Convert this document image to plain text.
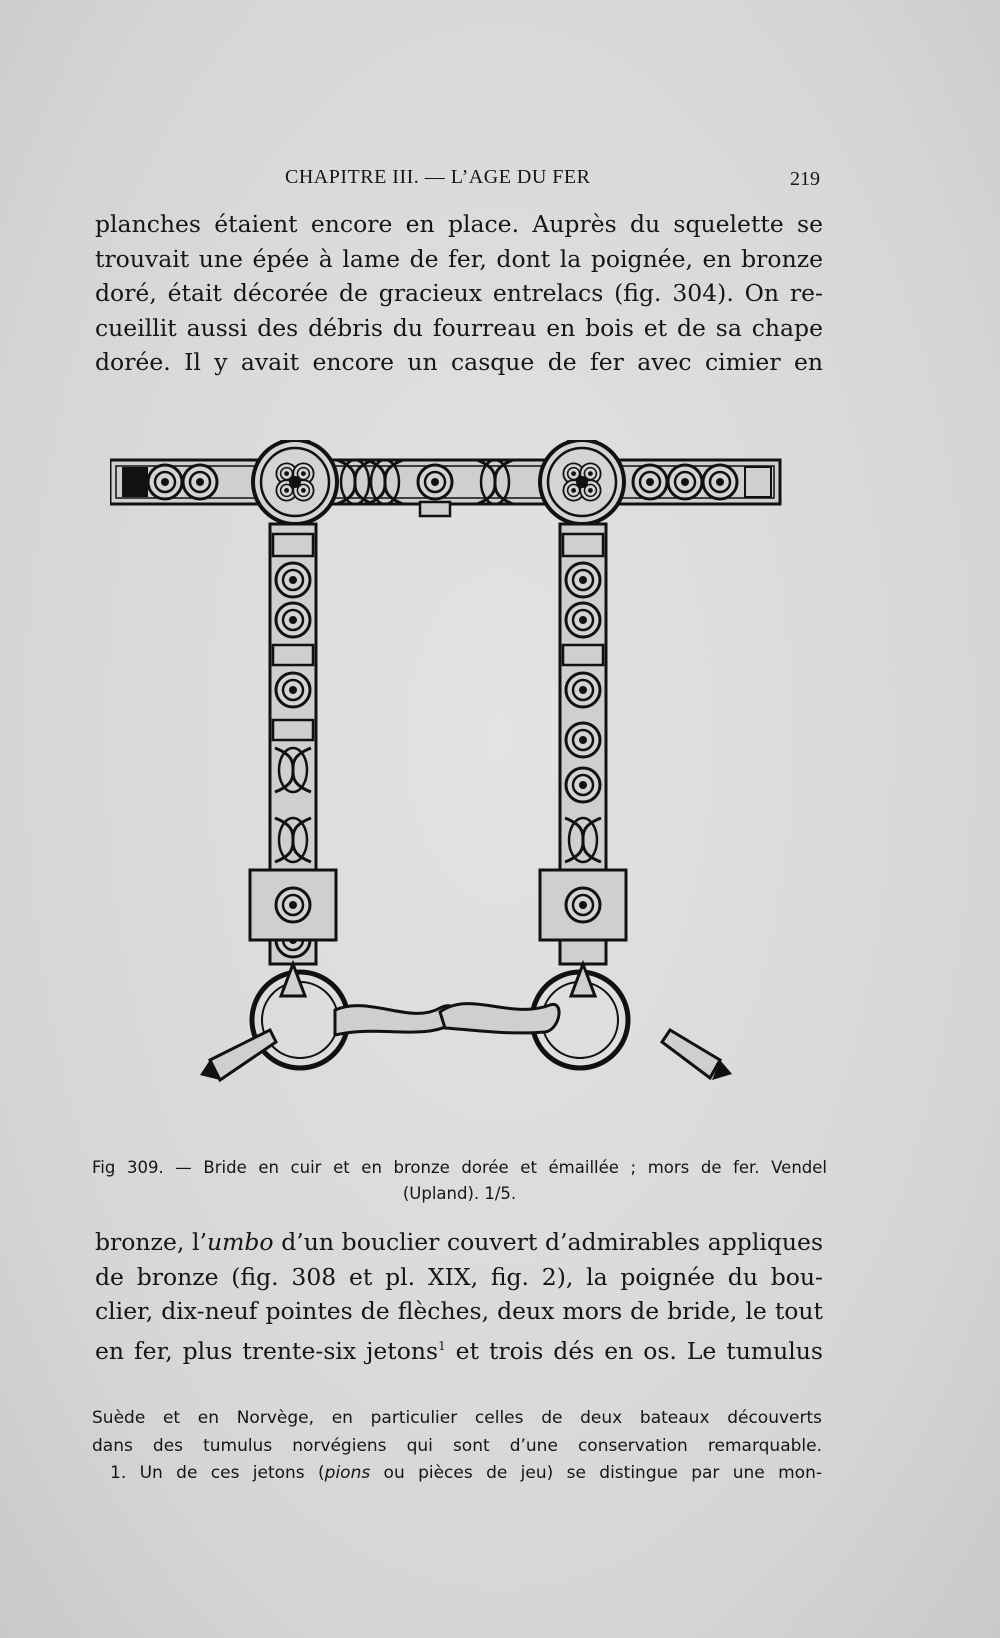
CHAPITRE III. — L’AGE DU FER	219
planches étaient encore en place. Auprès du squelette se
trouvait une épée à lame de fer, dont la poignée, en bronze
doré, était décorée de gracieux entrelacs (fig. 304). On re-
cueillit aussi des débris du fourreau en bois et de sa chape
dorée. Il y avait encore un casque de fer avec cimier en
Fig 309. — Bride en cuir et en bronze dorée et émaillée ; mors de fer. Vendel
(Upland). 1/5.
bronze, l’umbo d’un bouclier couvert d’admirables appliques
de bronze (fig. 308 et pl. XIX, fig. 2), la poignée du bou-
clier, dix-neuf pointes de flèches, deux mors de bride, le tout
en fer, plus trente-six jetons$^1$ et trois dés en os. Le tumulus
Suède et en Norvège, en particulier celles de deux bateaux découverts
dans des tumulus norvégiens qui sont d’une conservation remarquable.
1. Un de ces jetons (pions ou pièces de jeu) se distingue par une mon-
